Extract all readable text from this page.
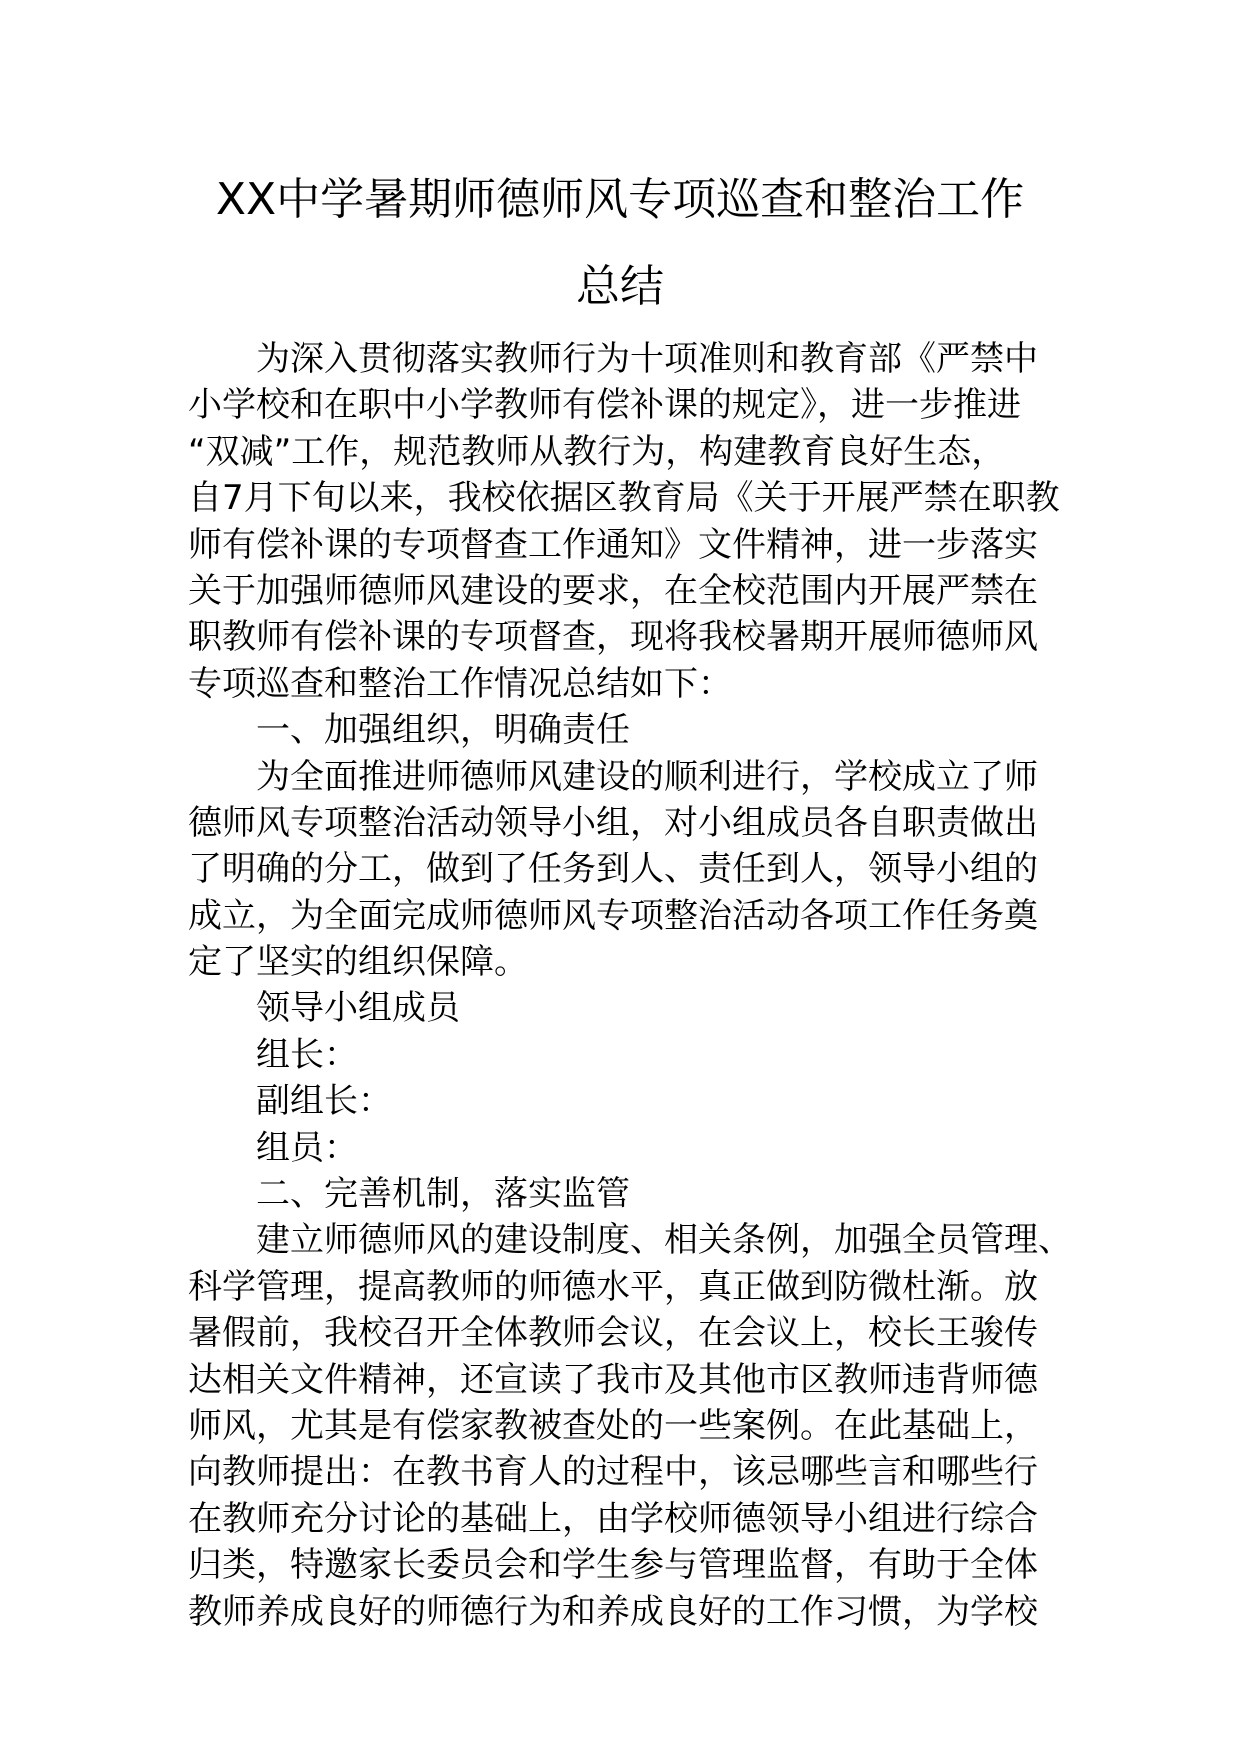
XX中学暑期师德师风专项巡查和整治工作
总结
为深入贯彻落实教师行为十项准则和教育部《严禁中
小学校和在职中小学教师有偿补课的规定》，进一步推进
“双减”工作，规范教师从教行为，构建教育良好生态，
自7月下旬以来，我校依据区教育局《关于开展严禁在职教
师有偿补课的专项督查工作通知》文件精神，进一步落实
关于加强师德师风建设的要求，在全校范围内开展严禁在
职教师有偿补课的专项督查，现将我校暑期开展师德师风
专项巡查和整治工作情况总结如下：
一、加强组织，明确责任
为全面推进师德师风建设的顺利进行，学校成立了师
德师风专项整治活动领导小组，对小组成员各自职责做出
了明确的分工，做到了任务到人、责任到人，领导小组的
成立，为全面完成师德师风专项整治活动各项工作任务奠
定了坚实的组织保障。
领导小组成员
组长：
副组长：
组员：
二、完善机制，落实监管
建立师德师风的建设制度、相关条例，加强全员管理、
科学管理，提高教师的师德水平，真正做到防微杜渐。放
暑假前，我校召开全体教师会议，在会议上，校长王骏传
达相关文件精神，还宣读了我市及其他市区教师违背师德
师风，尤其是有偿家教被查处的一些案例。在此基础上，
向教师提出：在教书育人的过程中，该忌哪些言和哪些行
在教师充分讨论的基础上，由学校师德领导小组进行综合
归类，特邀家长委员会和学生参与管理监督，有助于全体
教师养成良好的师德行为和养成良好的工作习惯，为学校
